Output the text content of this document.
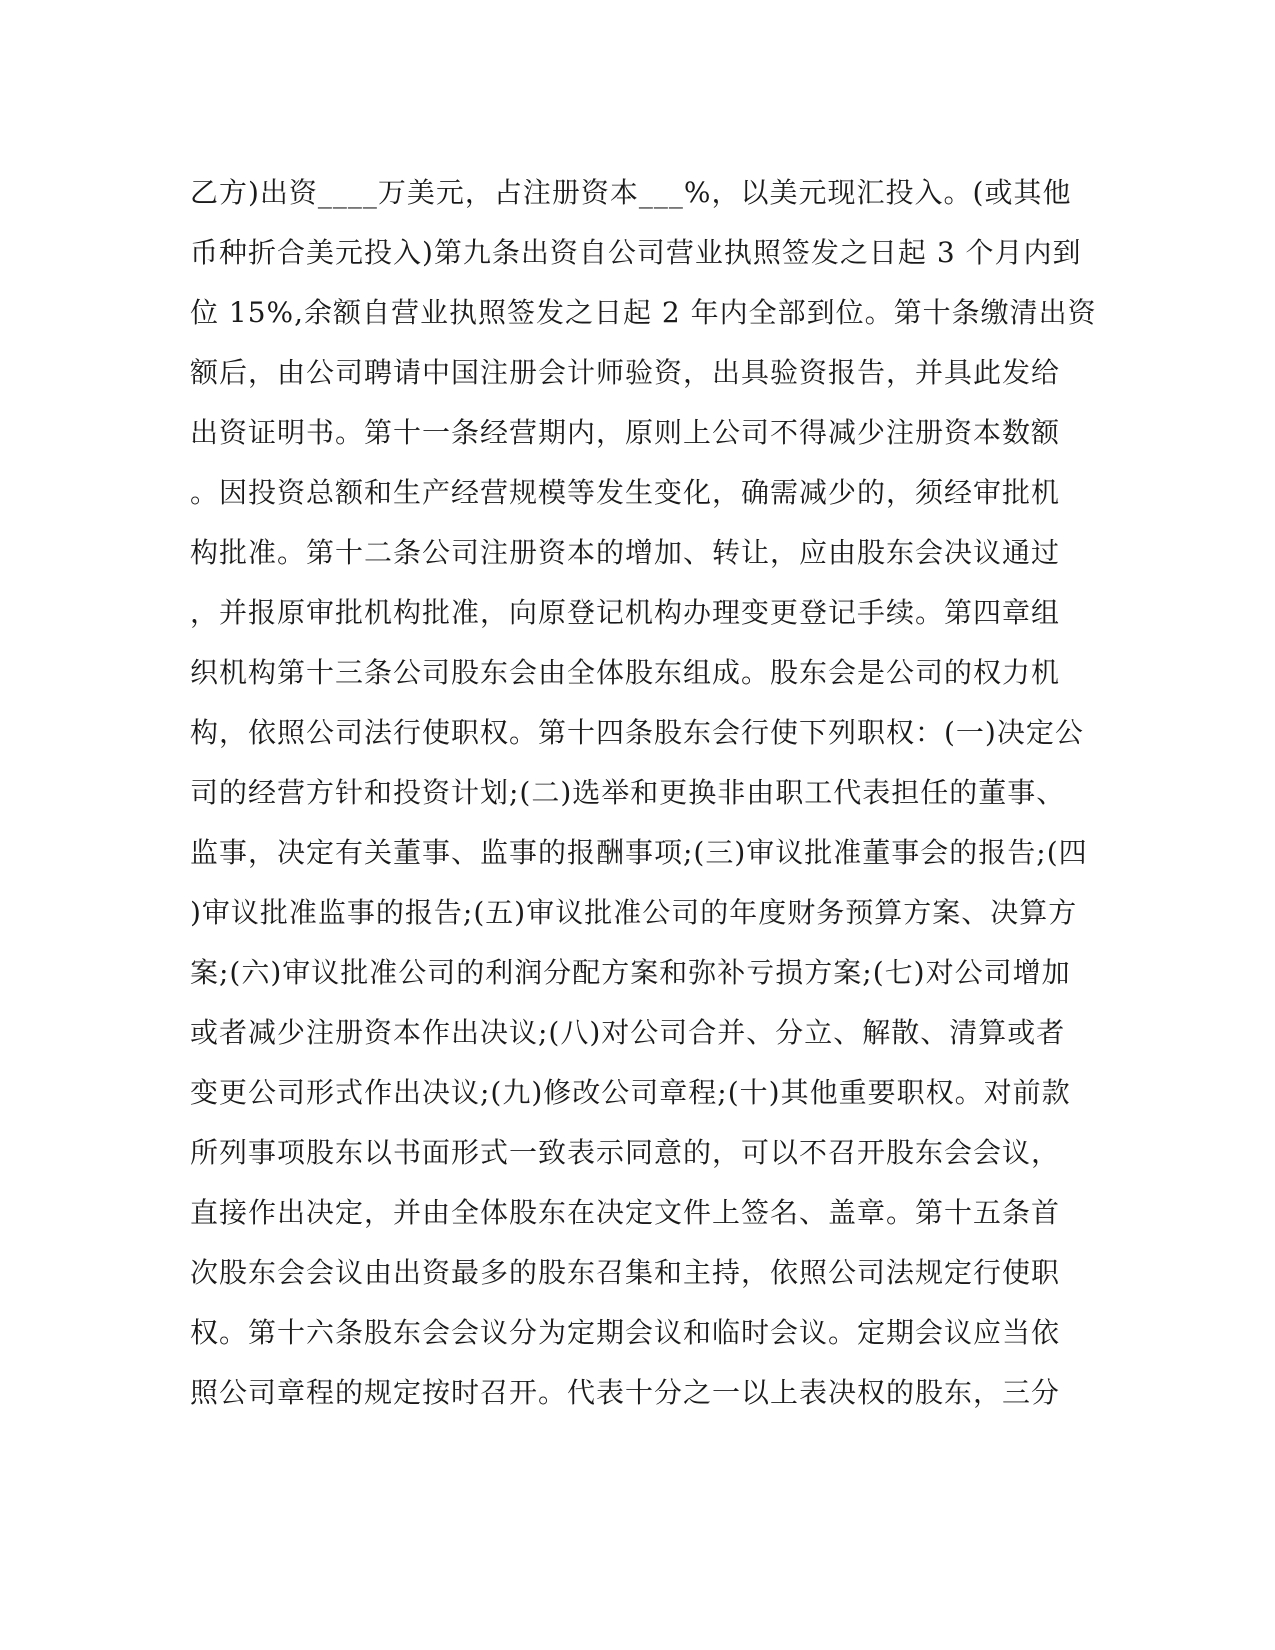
乙方)出资____万美元，占注册资本___%，以美元现汇投入。(或其他
币种折合美元投入)第九条出资自公司营业执照签发之日起 3 个月内到
位 15%,余额自营业执照签发之日起 2 年内全部到位。第十条缴清出资
额后，由公司聘请中国注册会计师验资，出具验资报告，并具此发给
出资证明书。第十一条经营期内，原则上公司不得减少注册资本数额
。因投资总额和生产经营规模等发生变化，确需减少的，须经审批机
构批准。第十二条公司注册资本的增加、转让，应由股东会决议通过
，并报原审批机构批准，向原登记机构办理变更登记手续。第四章组
织机构第十三条公司股东会由全体股东组成。股东会是公司的权力机
构，依照公司法行使职权。第十四条股东会行使下列职权：(一)决定公
司的经营方针和投资计划;(二)选举和更换非由职工代表担任的董事、
监事，决定有关董事、监事的报酬事项;(三)审议批准董事会的报告;(四
)审议批准监事的报告;(五)审议批准公司的年度财务预算方案、决算方
案;(六)审议批准公司的利润分配方案和弥补亏损方案;(七)对公司增加
或者减少注册资本作出决议;(八)对公司合并、分立、解散、清算或者
变更公司形式作出决议;(九)修改公司章程;(十)其他重要职权。对前款
所列事项股东以书面形式一致表示同意的，可以不召开股东会会议，
直接作出决定，并由全体股东在决定文件上签名、盖章。第十五条首
次股东会会议由出资最多的股东召集和主持，依照公司法规定行使职
权。第十六条股东会会议分为定期会议和临时会议。定期会议应当依
照公司章程的规定按时召开。代表十分之一以上表决权的股东，三分
